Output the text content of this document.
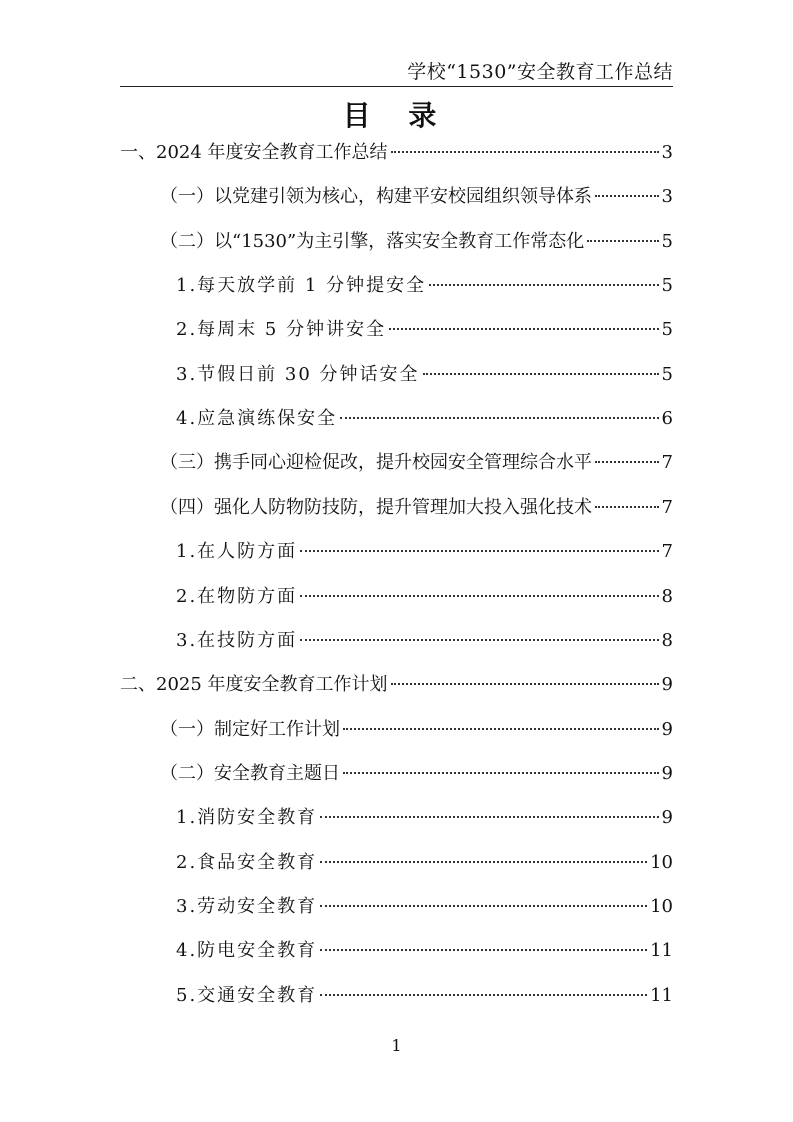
学校“1530”安全教育工作总结
目 录
一、2024 年度安全教育工作总结	3
（一）以党建引领为核心，构建平安校园组织领导体系	3
（二）以“1530”为主引擎，落实安全教育工作常态化	5
1.每天放学前 1 分钟提安全	5
2.每周末 5 分钟讲安全	5
3.节假日前 30 分钟话安全	5
4.应急演练保安全	6
（三）携手同心迎检促改，提升校园安全管理综合水平	7
（四）强化人防物防技防，提升管理加大投入强化技术	7
1.在人防方面	7
2.在物防方面	8
3.在技防方面	8
二、2025 年度安全教育工作计划	9
（一）制定好工作计划	9
（二）安全教育主题日	9
1.消防安全教育	9
2.食品安全教育	10
3.劳动安全教育	10
4.防电安全教育	11
5.交通安全教育	11
1
